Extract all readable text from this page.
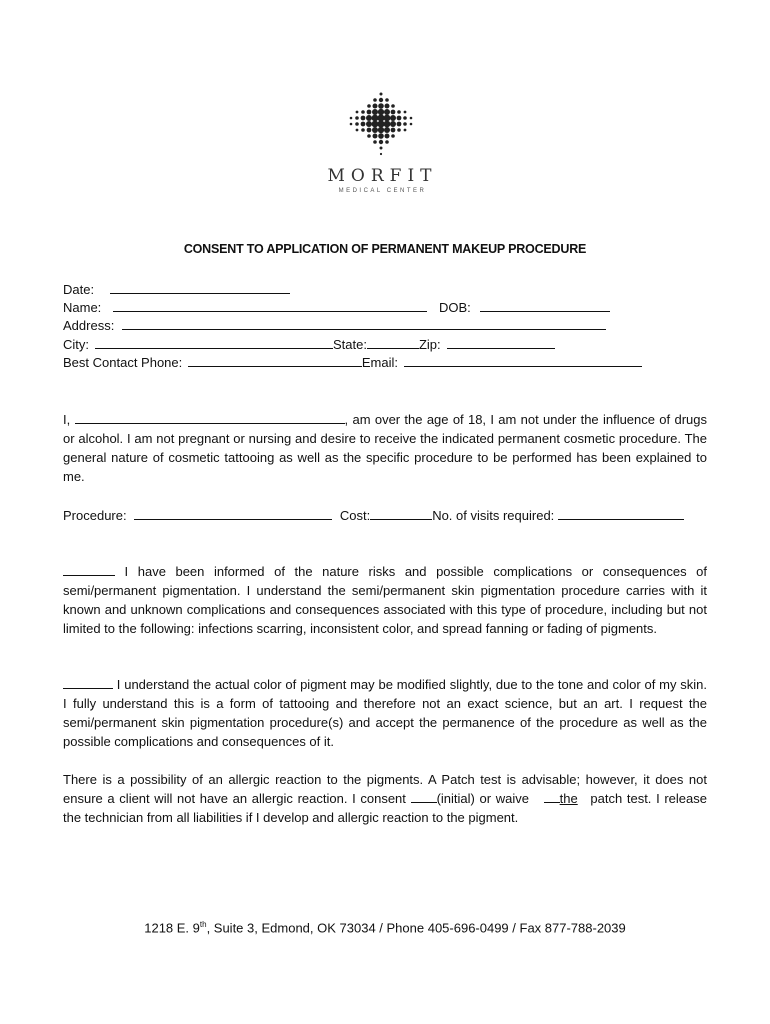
MORFIT
MEDICAL CENTER
CONSENT TO APPLICATION OF PERMANENT MAKEUP PROCEDURE
Date:
Name:	DOB:
Address:
City:	State:	Zip:
Best Contact Phone:	Email:
I,	, am over the age of 18, I am not under the influence of drugs or alcohol. I am not pregnant or nursing and desire to receive the indicated permanent cosmetic procedure. The general nature of cosmetic tattooing as well as the specific procedure to be performed has been explained to me.
Procedure:	Cost:	No. of visits required:
I have been informed of the nature risks and possible complications or consequences of semi/permanent pigmentation. I understand the semi/permanent skin pigmentation procedure carries with it known and unknown complications and consequences associated with this type of procedure, including but not limited to the following: infections scarring, inconsistent color, and spread fanning or fading of pigments.
I understand the actual color of pigment may be modified slightly, due to the tone and color of my skin. I fully understand this is a form of tattooing and therefore not an exact science, but an art. I request the semi/permanent skin pigmentation procedure(s) and accept the permanence of the procedure as well as the possible complications and consequences of it.
There is a possibility of an allergic reaction to the pigments. A Patch test is advisable; however, it does not ensure a client will not have an allergic reaction. I consent (initial) or waive the patch test. I release the technician from all liabilities if I develop and allergic reaction to the pigment.
1218 E. 9th, Suite 3, Edmond, OK 73034 / Phone 405-696-0499 / Fax 877-788-2039
